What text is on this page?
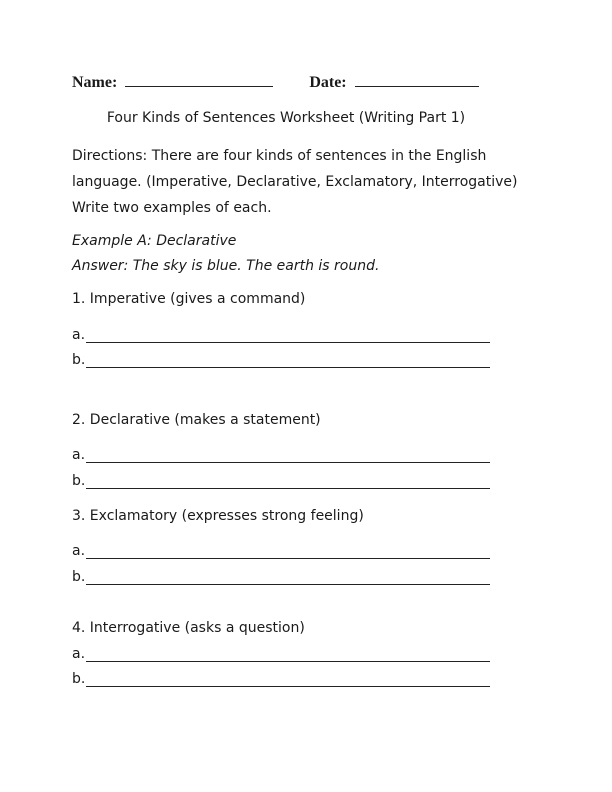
Name:	Date:
Four Kinds of Sentences Worksheet (Writing Part 1)
Directions: There are four kinds of sentences in the English
language. (Imperative, Declarative, Exclamatory, Interrogative)
Write two examples of each.
Example A: Declarative
Answer: The sky is blue. The earth is round.
1. Imperative (gives a command)
a.
b.
2. Declarative (makes a statement)
a.
b.
3. Exclamatory (expresses strong feeling)
a.
b.
4. Interrogative (asks a question)
a.
b.
